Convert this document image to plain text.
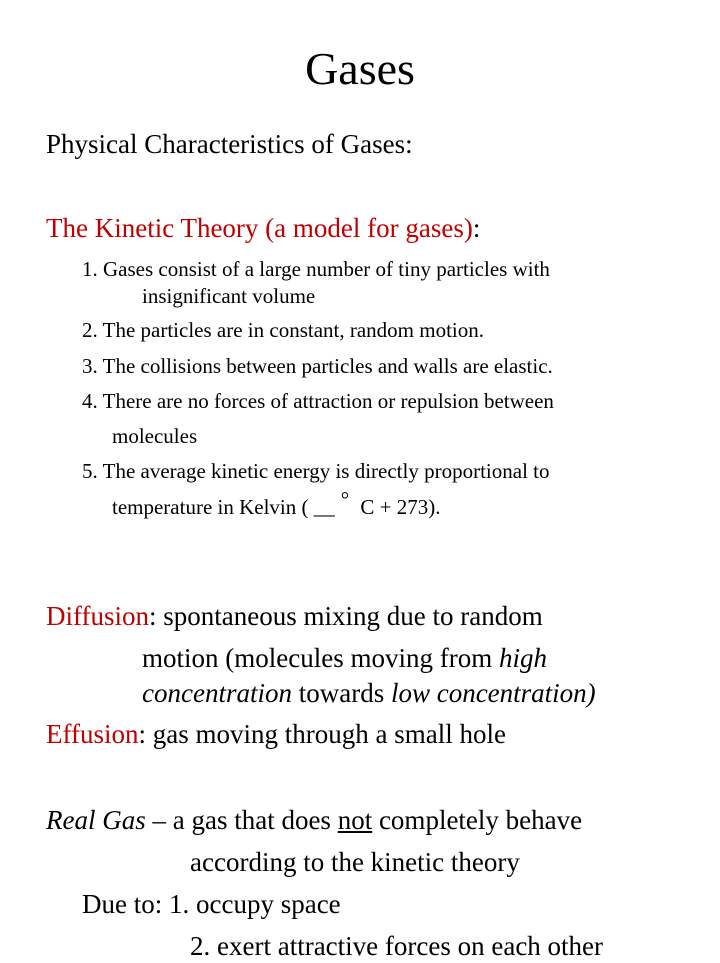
Gases
Physical Characteristics of Gases:
The Kinetic Theory (a model for gases):
1. Gases consist of a large number of tiny particles with
insignificant volume
2. The particles are in constant, random motion.
3. The collisions between particles and walls are elastic.
4. There are no forces of attraction or repulsion between
molecules
5. The average kinetic energy is directly proportional to
temperature in Kelvin ( __ ° C + 273).
Diffusion: spontaneous mixing due to random
motion (molecules moving from high
concentration towards low concentration)
Effusion: gas moving through a small hole
Real Gas – a gas that does not completely behave
according to the kinetic theory
Due to: 1. occupy space
2. exert attractive forces on each other
